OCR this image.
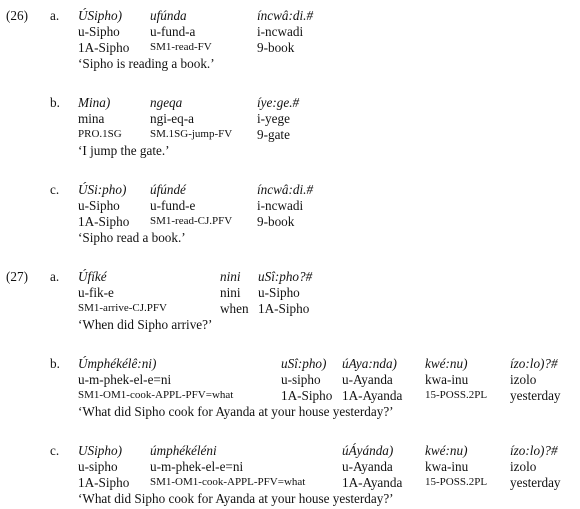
(26) a. ÚSipho) ufúnda	íncwâ:di.#
u-Sipho u-fund-a	i-ncwadi
1A-Sipho SM1-read-FV	9-book
‘Sipho is reading a book.’
b. Mina)	ngeqa	íye:ge.#
mina	ngi-eq-a	i-yege
PRO.1SG	SM.1SG-jump-FV 9-gate
‘I jump the gate.’
c. ÚSi:pho) úfúndé	íncwâ:di.#
u-Sipho u-fund-e	i-ncwadi
1A-Sipho SM1-read-CJ.PFV 9-book
‘Sipho read a book.’
(27) a. Úfíké	nini uSî:pho?#
u-fik-e	nini u-Sipho
SM1-arrive-CJ.PFV	when 1A-Sipho
‘When did Sipho arrive?’
b. Úmphékélê:ni)	uSî:pho) úAya:nda) kwé:nu)	ízo:lo)?#
u-m-phek-el-e=ni	u-sipho u-Ayanda kwa-inu	izolo
SM1-OM1-cook-APPL-PFV=what	1A-Sipho 1A-Ayanda 15-POSS.2PL yesterday
‘What did Sipho cook for Ayanda at your house yesterday?’
c. USipho) úmphékéléni	úÁyánda) kwé:nu)	ízo:lo)?#
u-sipho u-m-phek-el-e=ni	u-Ayanda kwa-inu	izolo
1A-Sipho SM1-OM1-cook-APPL-PFV=what	1A-Ayanda 15-POSS.2PL yesterday
‘What did Sipho cook for Ayanda at your house yesterday?’
